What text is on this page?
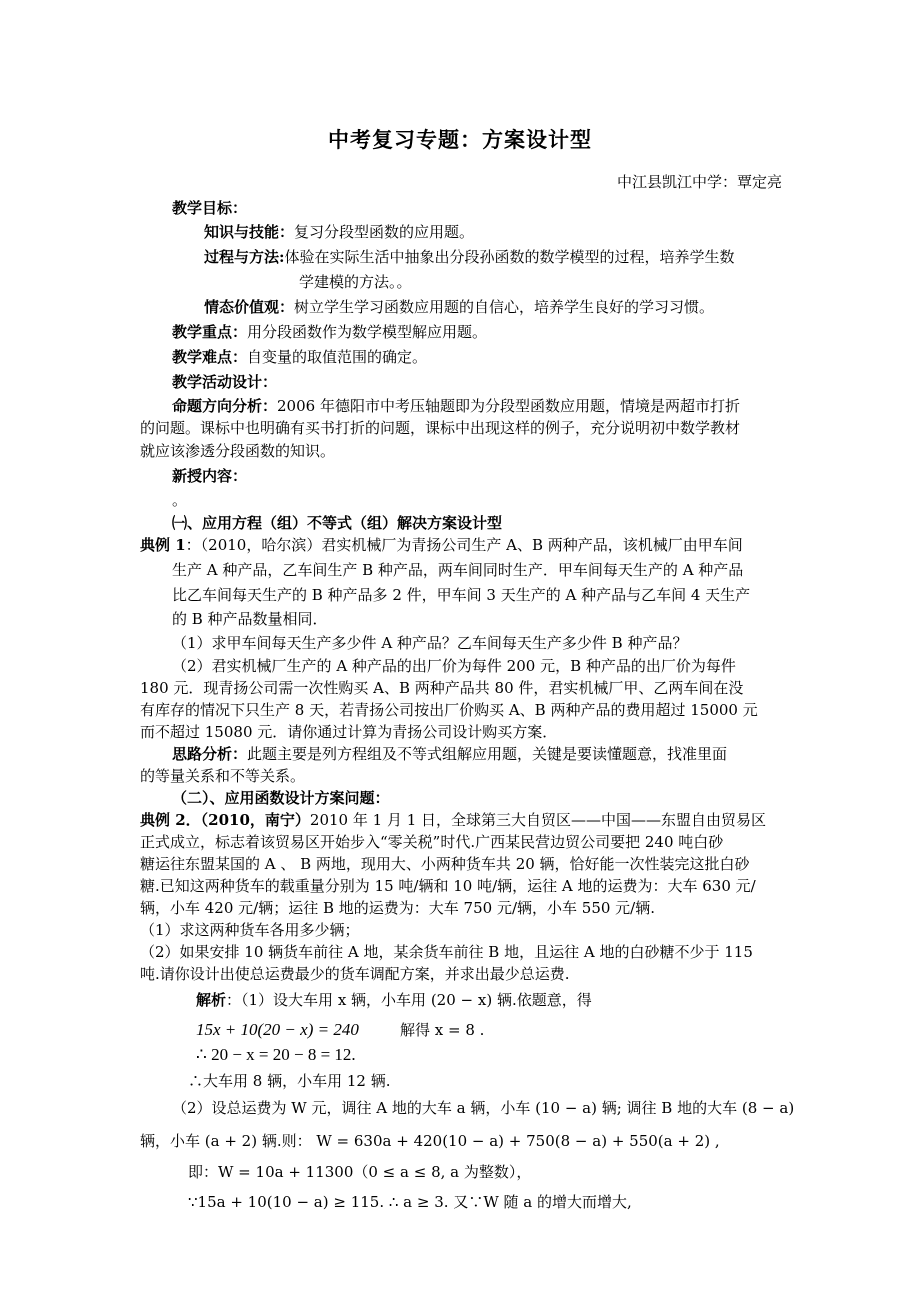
中考复习专题：方案设计型
中江县凯江中学：覃定亮
教学目标：
知识与技能：复习分段型函数的应用题。
过程与方法:体验在实际生活中抽象出分段孙函数的数学模型的过程，培养学生数
学建模的方法。。
情态价值观：树立学生学习函数应用题的自信心，培养学生良好的学习习惯。
教学重点：用分段函数作为数学模型解应用题。
教学难点：自变量的取值范围的确定。
教学活动设计：
命题方向分析：2006 年德阳市中考压轴题即为分段型函数应用题，情境是两超市打折
的问题。课标中也明确有买书打折的问题，课标中出现这样的例子，充分说明初中数学教材
就应该渗透分段函数的知识。
新授内容：
。
㈠、应用方程（组）不等式（组）解决方案设计型
典例 1：（2010，哈尔滨）君实机械厂为青扬公司生产 A、B 两种产品，该机械厂由甲车间
生产 A 种产品，乙车间生产 B 种产品，两车间同时生产．甲车间每天生产的 A 种产品
比乙车间每天生产的 B 种产品多 2 件，甲车间 3 天生产的 A 种产品与乙车间 4 天生产
的 B 种产品数量相同．
（1）求甲车间每天生产多少件 A 种产品？乙车间每天生产多少件 B 种产品？
（2）君实机械厂生产的 A 种产品的出厂价为每件 200 元，B 种产品的出厂价为每件
180 元．现青扬公司需一次性购买 A、B 两种产品共 80 件，君实机械厂甲、乙两车间在没
有库存的情况下只生产 8 天，若青扬公司按出厂价购买 A、B 两种产品的费用超过 15000 元
而不超过 15080 元．请你通过计算为青扬公司设计购买方案．
思路分析：此题主要是列方程组及不等式组解应用题，关键是要读懂题意，找准里面
的等量关系和不等关系。
（二）、应用函数设计方案问题：
典例 2．（2010，南宁）2010 年 1 月 1 日，全球第三大自贸区——中国——东盟自由贸易区
正式成立，标志着该贸易区开始步入“零关税”时代.广西某民营边贸公司要把 240 吨白砂
糖运往东盟某国的 A 、 B 两地，现用大、小两种货车共 20 辆，恰好能一次性装完这批白砂
糖.已知这两种货车的载重量分别为 15 吨/辆和 10 吨/辆，运往 A 地的运费为：大车 630 元/
辆，小车 420 元/辆；运往 B 地的运费为：大车 750 元/辆，小车 550 元/辆.
（1）求这两种货车各用多少辆；
（2）如果安排 10 辆货车前往 A 地，某余货车前往 B 地，且运往 A 地的白砂糖不少于 115
吨.请你设计出使总运费最少的货车调配方案，并求出最少总运费.
解析：（1）设大车用 x 辆，小车用 (20 − x) 辆.依题意，得
15x + 10(20 − x) = 240	解得 x = 8 .
∴ 20 − x = 20 − 8 = 12.
∴大车用 8 辆，小车用 12 辆.
（2）设总运费为 W 元，调往 A 地的大车 a 辆，小车 (10 − a) 辆; 调往 B 地的大车 (8 − a)
辆，小车 (a + 2) 辆.则： W = 630a + 420(10 − a) + 750(8 − a) + 550(a + 2) ,
即：W = 10a + 11300（0 ≤ a ≤ 8, a 为整数），
∵15a + 10(10 − a) ≥ 115. ∴ a ≥ 3. 又∵W 随 a 的增大而增大,
